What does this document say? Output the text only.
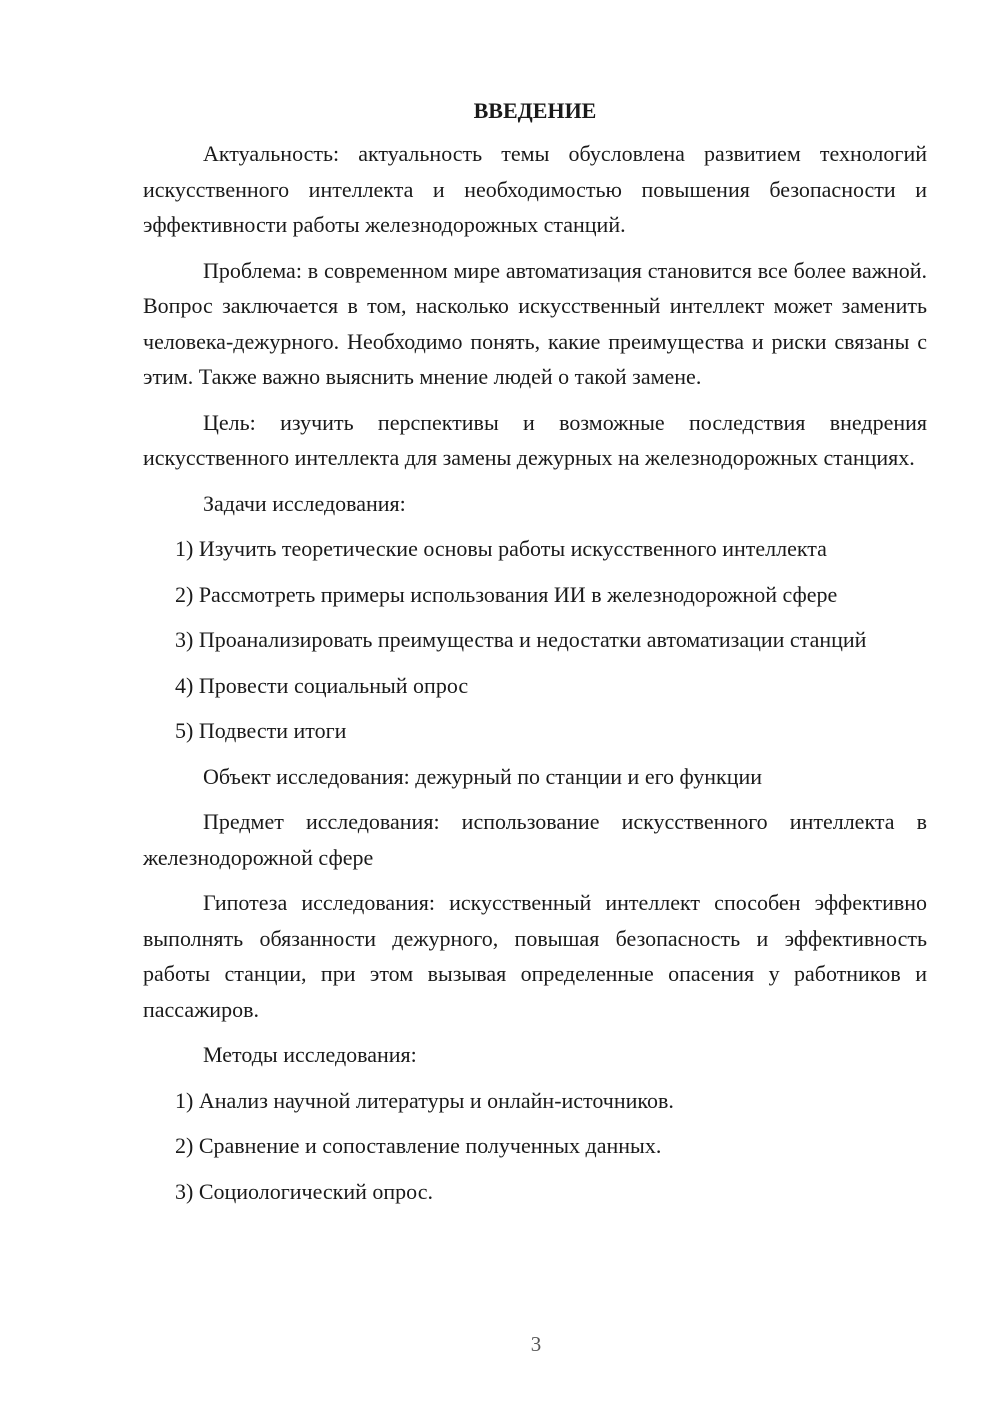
ВВЕДЕНИЕ

Актуальность: актуальность темы обусловлена развитием технологий искусственного интеллекта и необходимостью повышения безопасности и эффективности работы железнодорожных станций.

Проблема: в современном мире автоматизация становится все более важной. Вопрос заключается в том, насколько искусственный интеллект может заменить человека-дежурного. Необходимо понять, какие преимущества и риски связаны с этим. Также важно выяснить мнение людей о такой замене.

Цель: изучить перспективы и возможные последствия внедрения искусственного интеллекта для замены дежурных на железнодорожных станциях.

Задачи исследования:

1) Изучить теоретические основы работы искусственного интеллекта

2) Рассмотреть примеры использования ИИ в железнодорожной сфере

3) Проанализировать преимущества и недостатки автоматизации станций

4) Провести социальный опрос

5) Подвести итоги

Объект исследования: дежурный по станции и его функции

Предмет исследования: использование искусственного интеллекта в железнодорожной сфере

Гипотеза исследования: искусственный интеллект способен эффективно выполнять обязанности дежурного, повышая безопасность и эффективность работы станции, при этом вызывая определенные опасения у работников и пассажиров.

Методы исследования:

1) Анализ научной литературы и онлайн-источников.

2) Сравнение и сопоставление полученных данных.

3) Социологический опрос.

3
